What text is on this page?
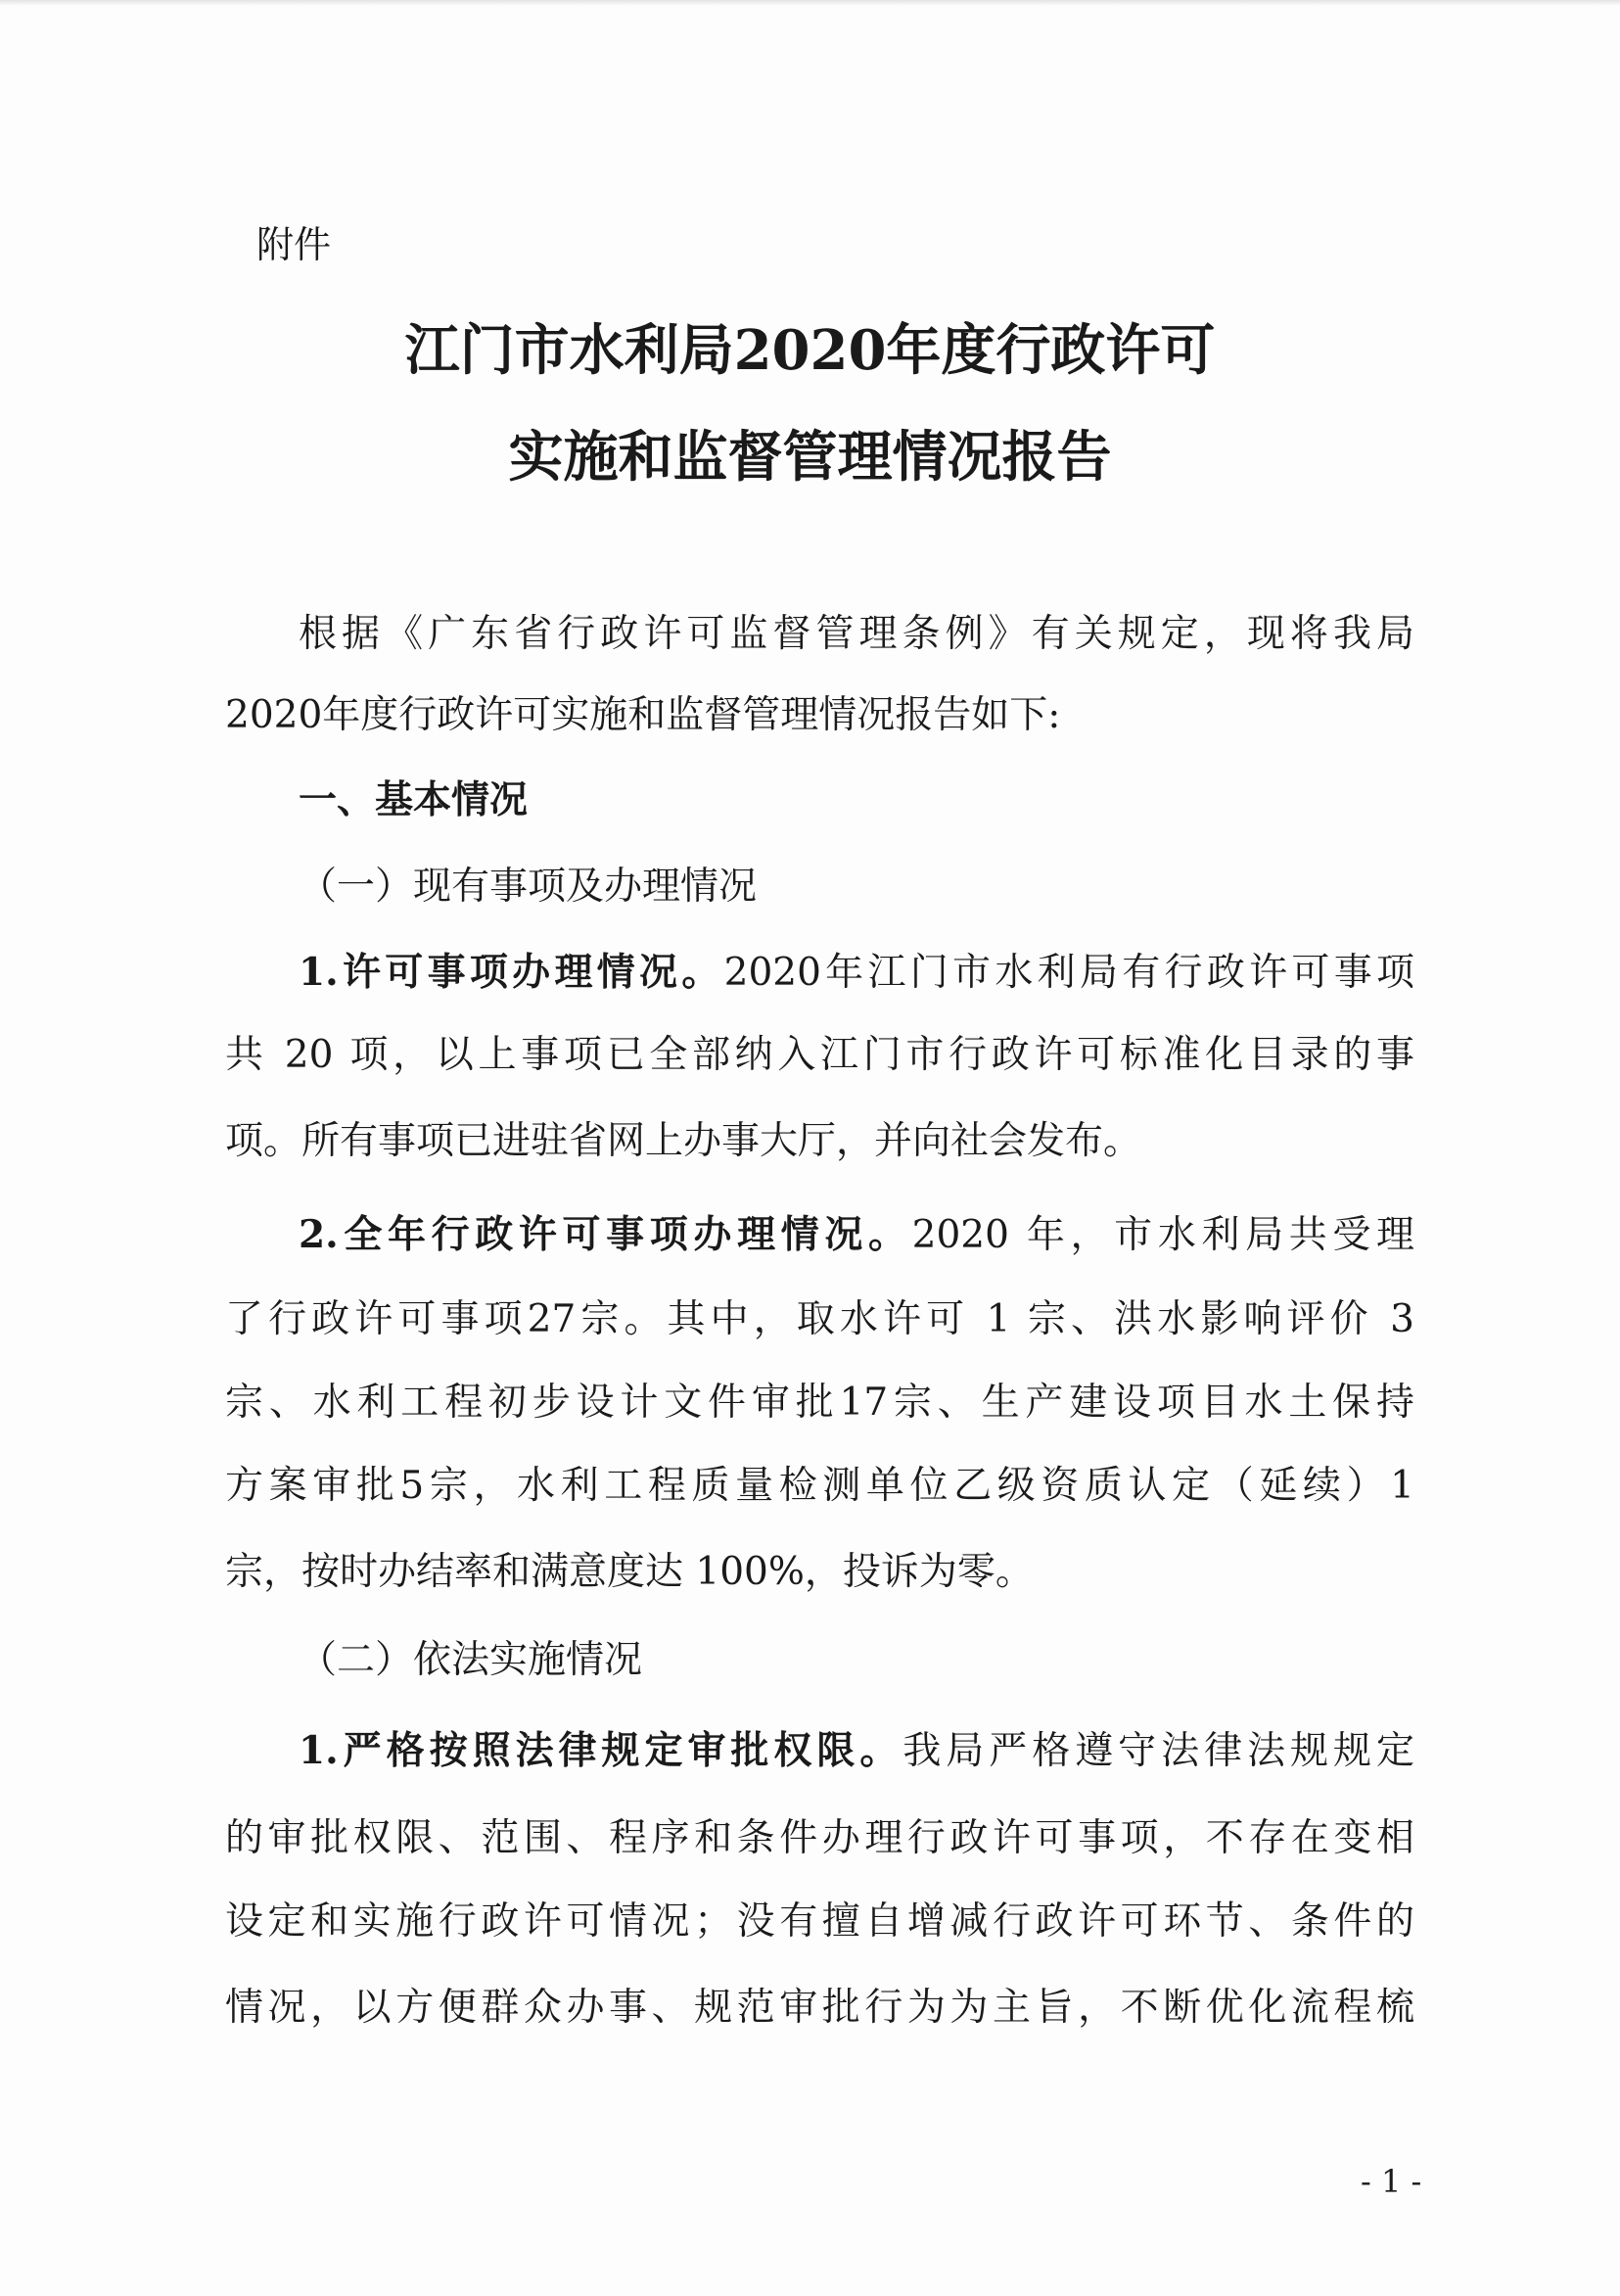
附件
江门市水利局2020年度行政许可
实施和监督管理情况报告
根据《广东省行政许可监督管理条例》有关规定，现将我局
2020年度行政许可实施和监督管理情况报告如下:
一、基本情况
（一）现有事项及办理情况
1.许可事项办理情况。2020年江门市水利局有行政许可事项
共 20 项，以上事项已全部纳入江门市行政许可标准化目录的事
项。所有事项已进驻省网上办事大厅，并向社会发布。
2.全年行政许可事项办理情况。2020 年，市水利局共受理
了行政许可事项27宗。其中，取水许可 1 宗、洪水影响评价 3
宗、水利工程初步设计文件审批17宗、生产建设项目水土保持
方案审批5宗，水利工程质量检测单位乙级资质认定（延续）1
宗，按时办结率和满意度达 100%，投诉为零。
（二）依法实施情况
1.严格按照法律规定审批权限。我局严格遵守法律法规规定
的审批权限、范围、程序和条件办理行政许可事项，不存在变相
设定和实施行政许可情况；没有擅自增减行政许可环节、条件的
情况，以方便群众办事、规范审批行为为主旨，不断优化流程梳
- 1 -
